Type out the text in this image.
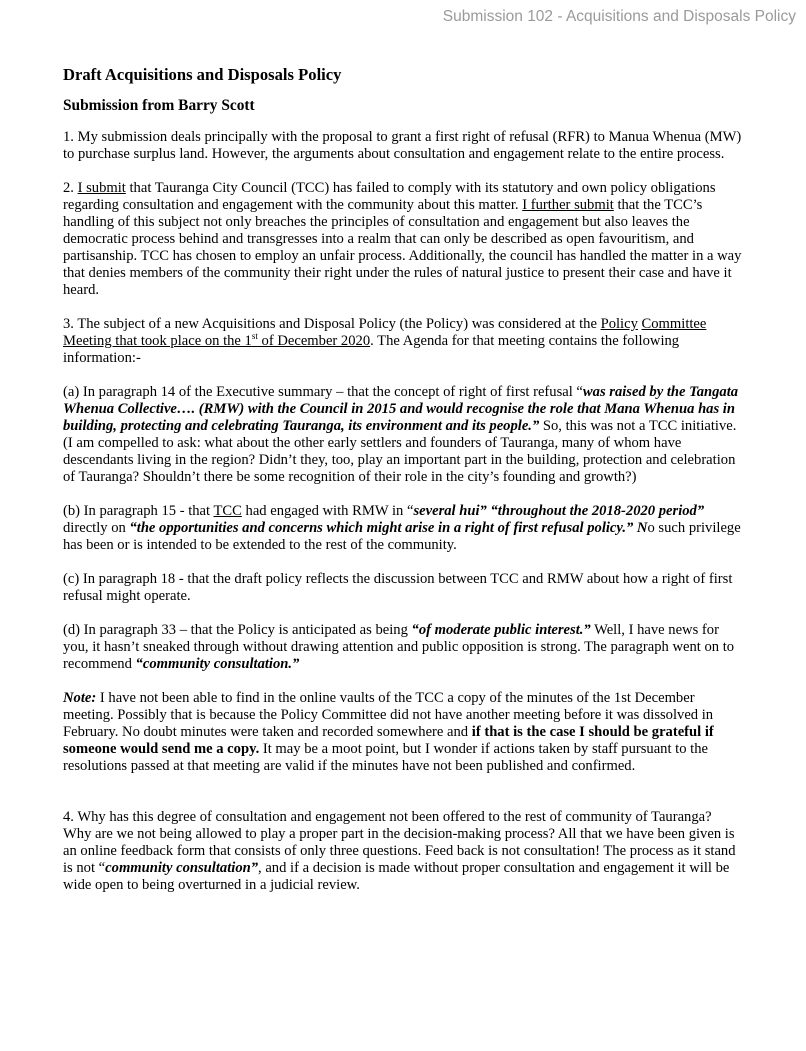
Submission 102 - Acquisitions and Disposals Policy
Draft Acquisitions and Disposals Policy
Submission from Barry Scott

1. My submission deals principally with the proposal to grant a first right of refusal (RFR) to Manua Whenua (MW) to purchase surplus land. However, the arguments about consultation and engagement relate to the entire process.

2. I submit that Tauranga City Council (TCC) has failed to comply with its statutory and own policy obligations regarding consultation and engagement with the community about this matter. I further submit that the TCC’s handling of this subject not only breaches the principles of consultation and engagement but also leaves the democratic process behind and transgresses into a realm that can only be described as open favouritism, and partisanship. TCC has chosen to employ an unfair process. Additionally, the council has handled the matter in a way that denies members of the community their right under the rules of natural justice to present their case and have it heard.

3. The subject of a new Acquisitions and Disposal Policy (the Policy) was considered at the Policy Committee Meeting that took place on the 1st of December 2020. The Agenda for that meeting contains the following information:-

(a) In paragraph 14 of the Executive summary – that the concept of right of first refusal “was raised by the Tangata Whenua Collective…. (RMW) with the Council in 2015 and would recognise the role that Mana Whenua has in building, protecting and celebrating Tauranga, its environment and its people.” So, this was not a TCC initiative. (I am compelled to ask: what about the other early settlers and founders of Tauranga, many of whom have descendants living in the region? Didn’t they, too, play an important part in the building, protection and celebration of Tauranga? Shouldn’t there be some recognition of their role in the city’s founding and growth?)

(b) In paragraph 15 - that TCC had engaged with RMW in “several hui” “throughout the 2018-2020 period” directly on “the opportunities and concerns which might arise in a right of first refusal policy.” No such privilege has been or is intended to be extended to the rest of the community.

(c) In paragraph 18 - that the draft policy reflects the discussion between TCC and RMW about how a right of first refusal might operate.

(d) In paragraph 33 – that the Policy is anticipated as being “of moderate public interest.” Well, I have news for you, it hasn’t sneaked through without drawing attention and public opposition is strong. The paragraph went on to recommend “community consultation.”

Note: I have not been able to find in the online vaults of the TCC a copy of the minutes of the 1st December meeting. Possibly that is because the Policy Committee did not have another meeting before it was dissolved in February. No doubt minutes were taken and recorded somewhere and if that is the case I should be grateful if someone would send me a copy. It may be a moot point, but I wonder if actions taken by staff pursuant to the resolutions passed at that meeting are valid if the minutes have not been published and confirmed.

4. Why has this degree of consultation and engagement not been offered to the rest of community of Tauranga? Why are we not being allowed to play a proper part in the decision-making process? All that we have been given is an online feedback form that consists of only three questions. Feed back is not consultation! The process as it stand is not “community consultation”, and if a decision is made without proper consultation and engagement it will be wide open to being overturned in a judicial review.
